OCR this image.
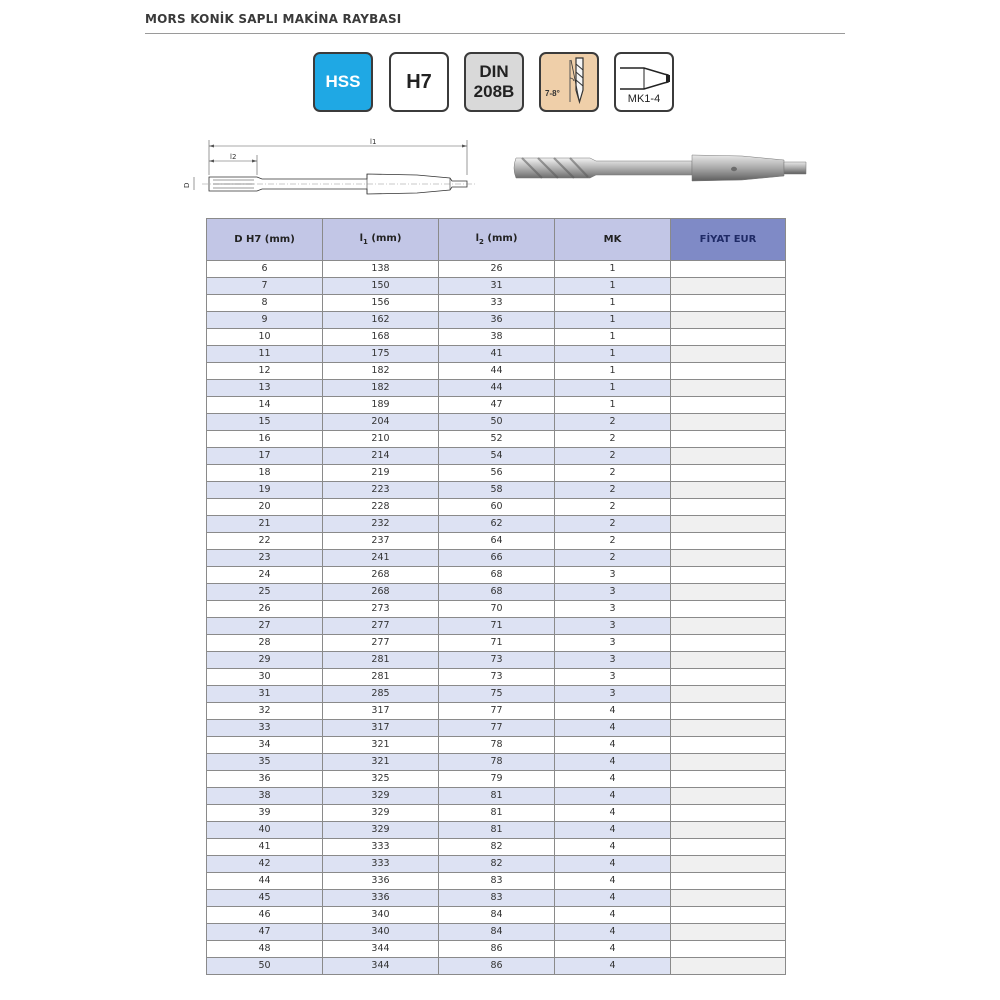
MORS KONİK SAPLI MAKİNA RAYBASI
HSS H7	DIN
208B	7-8°	MK1-4
l1
l2
D
D H7 (mm)	$l_1$ (mm)	$l_2$ (mm)	MK	FİYAT EUR
6	138	26	1	
7	150	31	1	
8	156	33	1	
9	162	36	1	
10	168	38	1	
11	175	41	1	
12	182	44	1	
13	182	44	1	
14	189	47	1	
15	204	50	2	
16	210	52	2	
17	214	54	2	
18	219	56	2	
19	223	58	2	
20	228	60	2	
21	232	62	2	
22	237	64	2	
23	241	66	2	
24	268	68	3	
25	268	68	3	
26	273	70	3	
27	277	71	3	
28	277	71	3	
29	281	73	3	
30	281	73	3	
31	285	75	3	
32	317	77	4	
33	317	77	4	
34	321	78	4	
35	321	78	4	
36	325	79	4	
38	329	81	4	
39	329	81	4	
40	329	81	4	
41	333	82	4	
42	333	82	4	
44	336	83	4	
45	336	83	4	
46	340	84	4	
47	340	84	4	
48	344	86	4	
50	344	86	4	
